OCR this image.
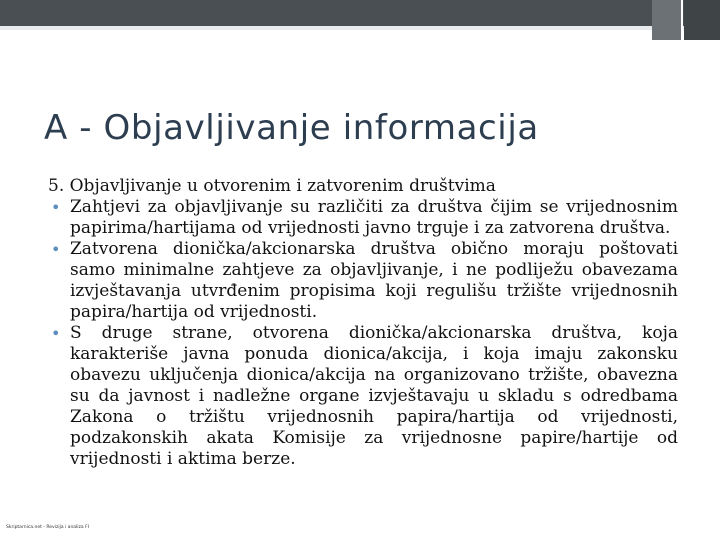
A - Objavljivanje informacija

5. Objavljivanje u otvorenim i zatvorenim društvima

• Zahtjevi za objavljivanje su različiti za društva čijim se vrijednosnim papirima/hartijama od vrijednosti javno trguje i za zatvorena društva.
• Zatvorena dionička/akcionarska društva obično moraju poštovati samo minimalne zahtjeve za objavljivanje, i ne podliježu obavezama izvještavanja utvrđenim propisima koji regulišu tržište vrijednosnih papira/hartija od vrijednosti.
• S druge strane, otvorena dionička/akcionarska društva, koja karakteriše javna ponuda dionica/akcija, i koja imaju zakonsku obavezu uključenja dionica/akcija na organizovano tržište, obavezna su da javnost i nadležne organe izvještavaju u skladu s odredbama Zakona o tržištu vrijednosnih papira/hartija od vrijednosti, podzakonskih akata Komisije za vrijednosne papire/hartije od vrijednosti i aktima berze.
Skriptarnica.net - Revizija i analiza FI
